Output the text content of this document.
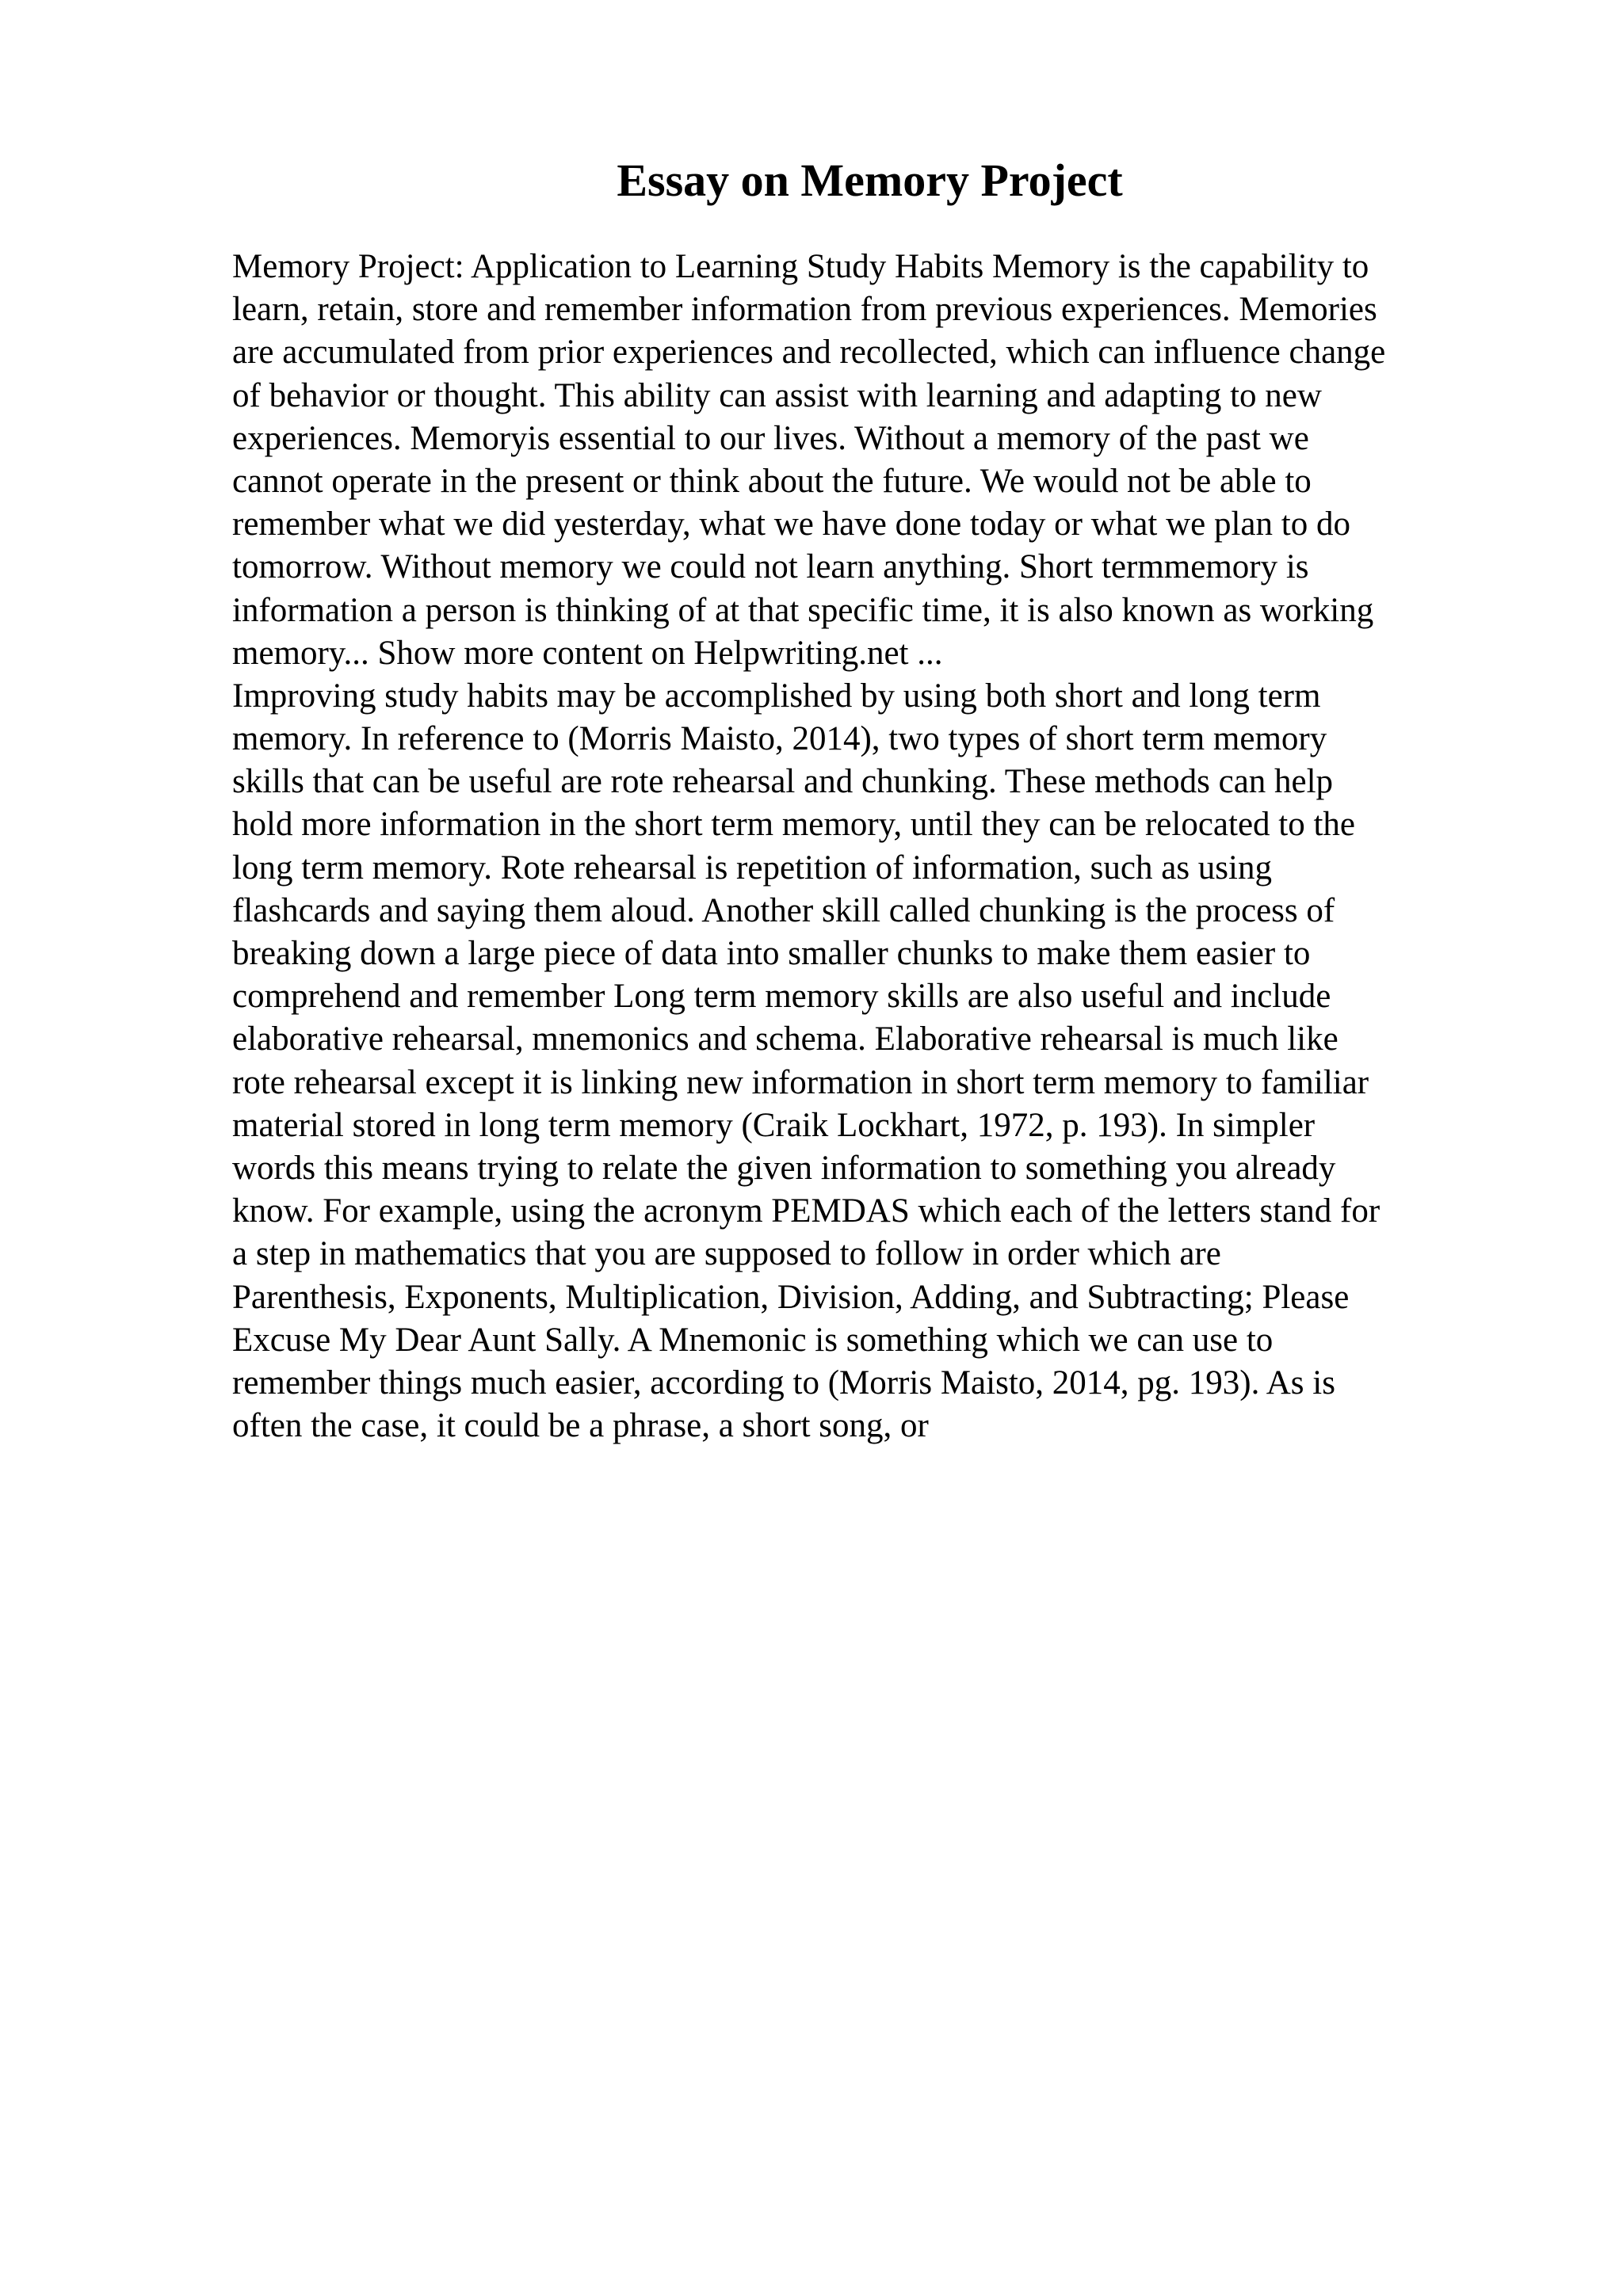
Essay on Memory Project
Memory Project: Application to Learning Study Habits Memory is the capability to
learn, retain, store and remember information from previous experiences. Memories
are accumulated from prior experiences and recollected, which can influence change
of behavior or thought. This ability can assist with learning and adapting to new
experiences. Memoryis essential to our lives. Without a memory of the past we
cannot operate in the present or think about the future. We would not be able to
remember what we did yesterday, what we have done today or what we plan to do
tomorrow. Without memory we could not learn anything. Short termmemory is
information a person is thinking of at that specific time, it is also known as working
memory... Show more content on Helpwriting.net ...
Improving study habits may be accomplished by using both short and long term
memory. In reference to (Morris Maisto, 2014), two types of short term memory
skills that can be useful are rote rehearsal and chunking. These methods can help
hold more information in the short term memory, until they can be relocated to the
long term memory. Rote rehearsal is repetition of information, such as using
flashcards and saying them aloud. Another skill called chunking is the process of
breaking down a large piece of data into smaller chunks to make them easier to
comprehend and remember Long term memory skills are also useful and include
elaborative rehearsal, mnemonics and schema. Elaborative rehearsal is much like
rote rehearsal except it is linking new information in short term memory to familiar
material stored in long term memory (Craik Lockhart, 1972, p. 193). In simpler
words this means trying to relate the given information to something you already
know. For example, using the acronym PEMDAS which each of the letters stand for
a step in mathematics that you are supposed to follow in order which are
Parenthesis, Exponents, Multiplication, Division, Adding, and Subtracting; Please
Excuse My Dear Aunt Sally. A Mnemonic is something which we can use to
remember things much easier, according to (Morris Maisto, 2014, pg. 193). As is
often the case, it could be a phrase, a short song, or
